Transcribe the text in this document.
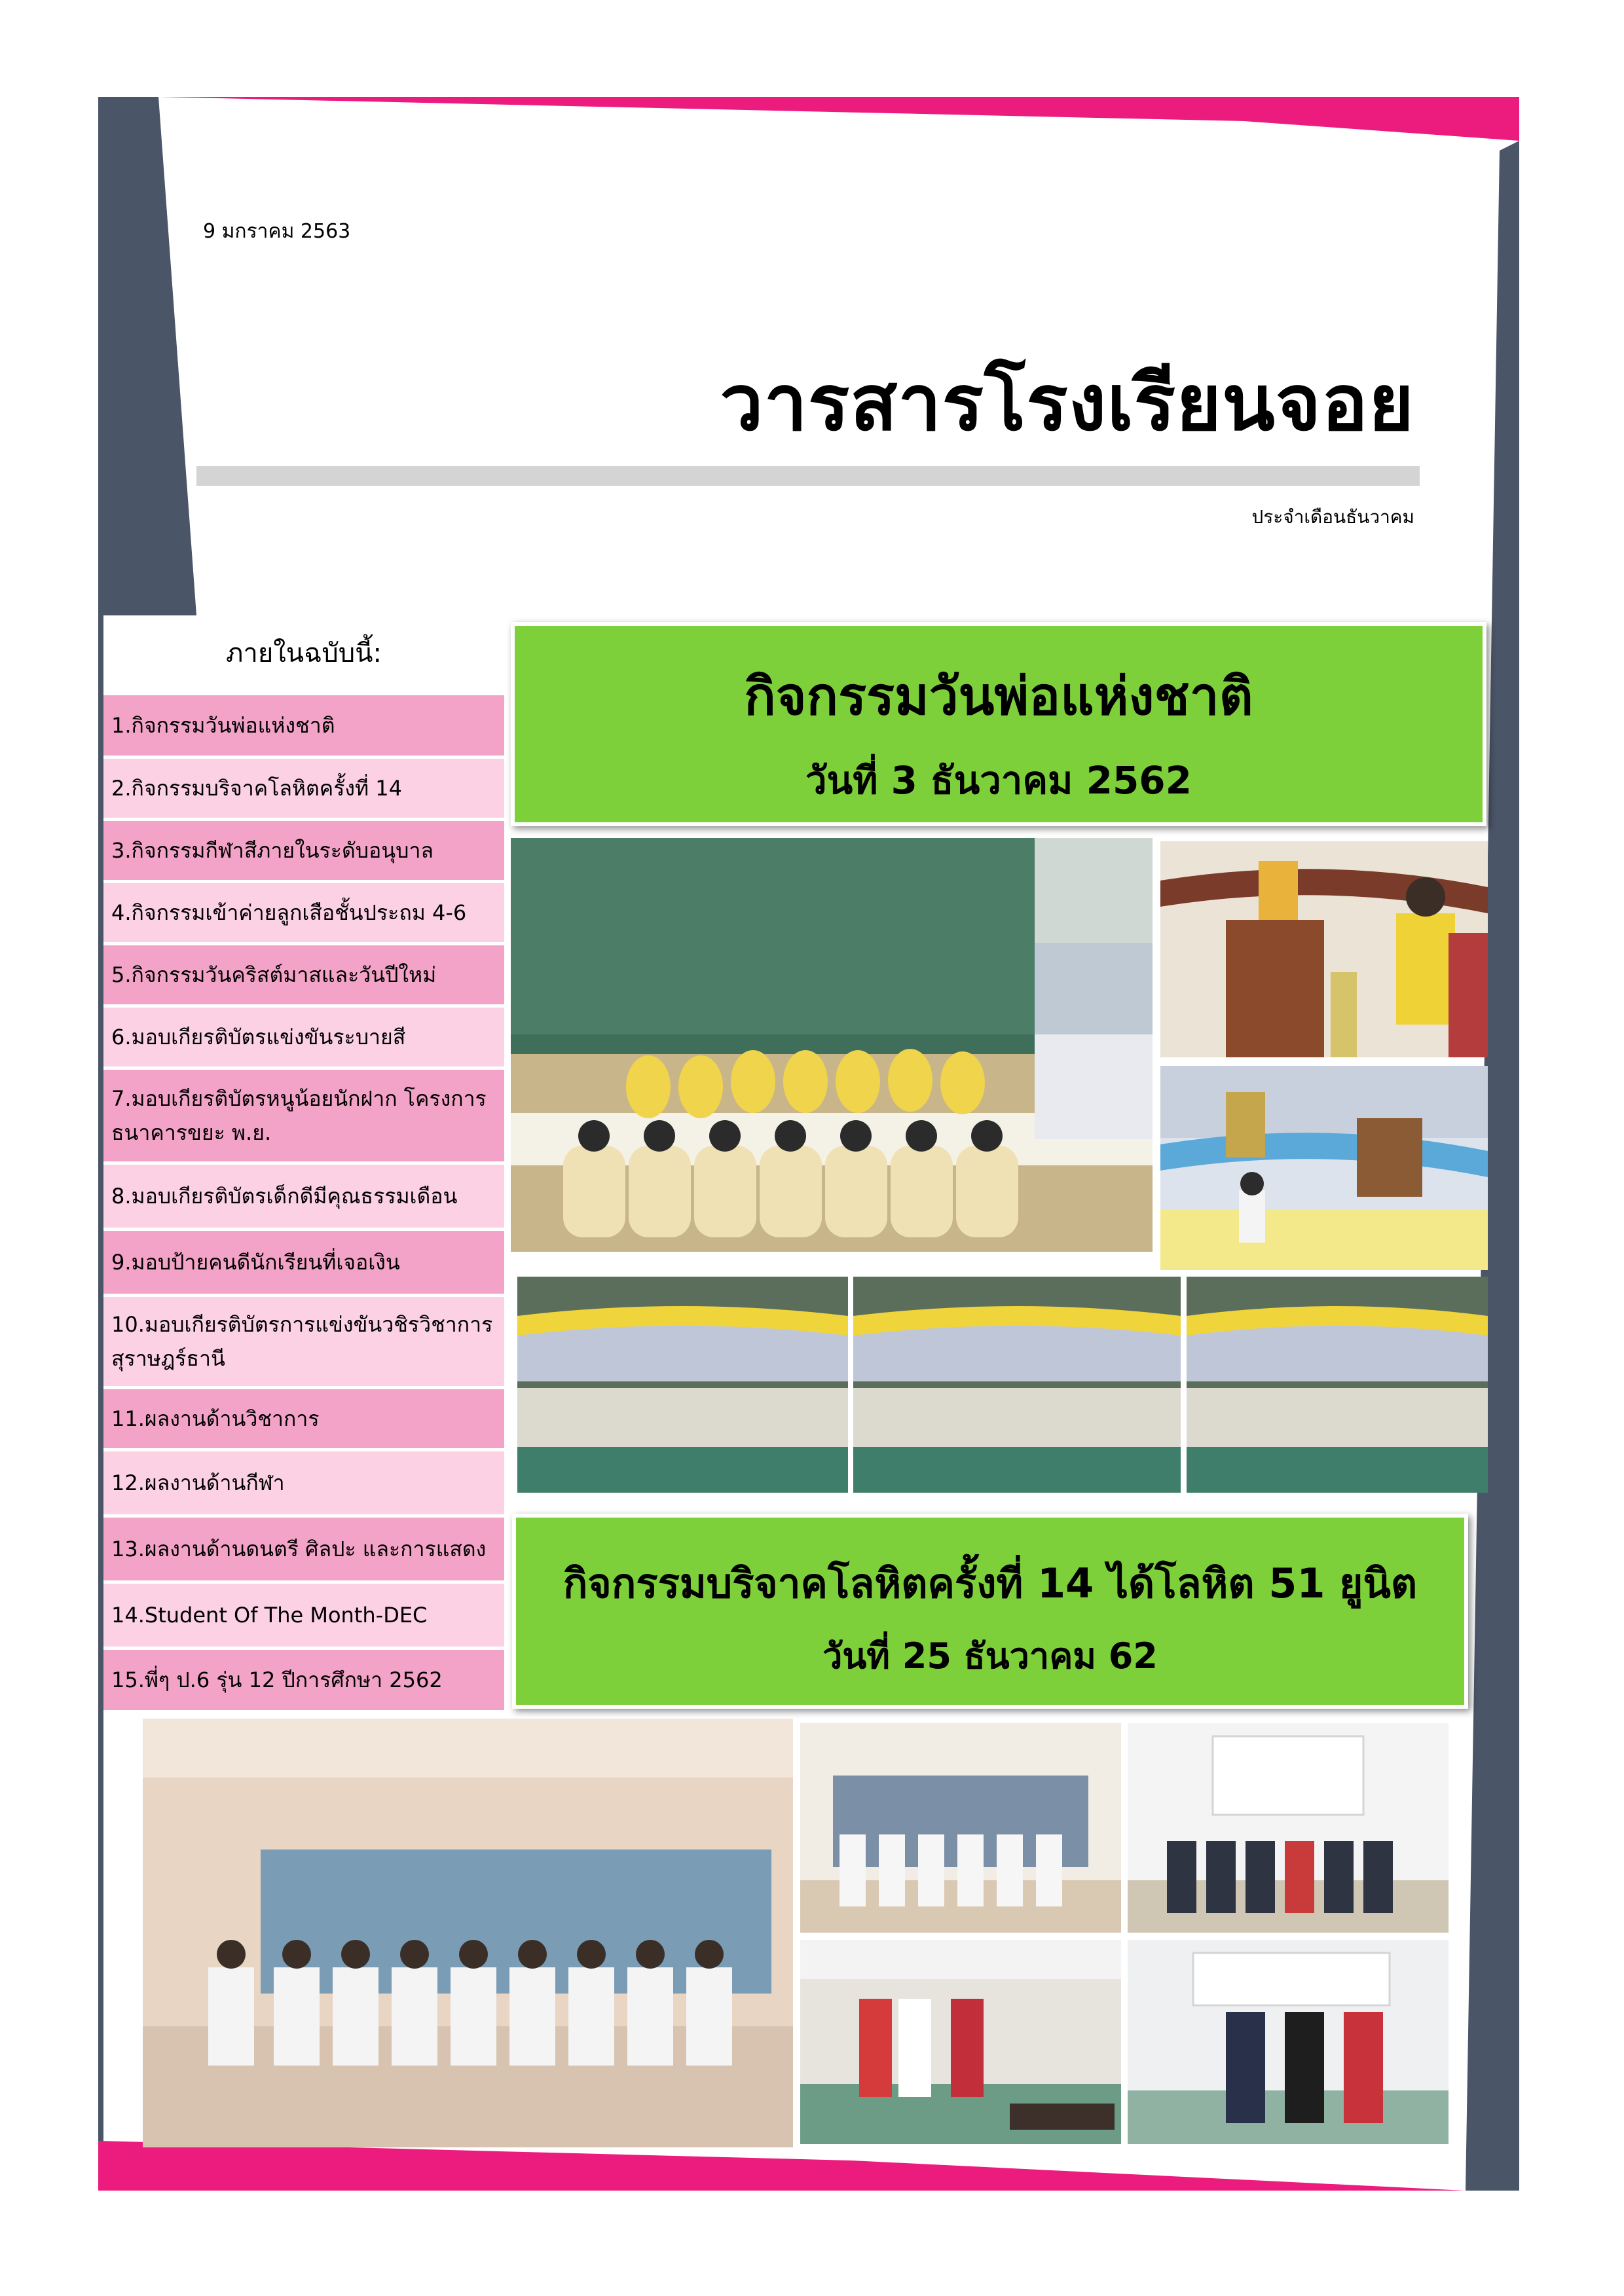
9 มกราคม 2563
วารสารโรงเรียนจอย
ประจำเดือนธันวาคม
ภายในฉบับนี้:
1.กิจกรรมวันพ่อแห่งชาติ
2.กิจกรรมบริจาคโลหิตครั้งที่ 14
3.กิจกรรมกีฬาสีภายในระดับอนุบาล
4.กิจกรรมเข้าค่ายลูกเสือชั้นประถม 4-6
5.กิจกรรมวันคริสต์มาสและวันปีใหม่
6.มอบเกียรติบัตรแข่งขันระบายสี
7.มอบเกียรติบัตรหนูน้อยนักฝาก โครงการธนาคารขยะ พ.ย.
8.มอบเกียรติบัตรเด็กดีมีคุณธรรมเดือน
9.มอบป้ายคนดีนักเรียนที่เจอเงิน
10.มอบเกียรติบัตรการแข่งขันวชิรวิชาการสุราษฎร์ธานี
11.ผลงานด้านวิชาการ
12.ผลงานด้านกีฬา
13.ผลงานด้านดนตรี ศิลปะ และการแสดง
14.Student Of The Month-DEC
15.พี่ๆ ป.6 รุ่น 12 ปีการศึกษา 2562
กิจกรรมวันพ่อแห่งชาติ
วันที่ 3 ธันวาคม 2562
กิจกรรมบริจาคโลหิตครั้งที่ 14 ได้โลหิต 51 ยูนิต
วันที่ 25 ธันวาคม 62
